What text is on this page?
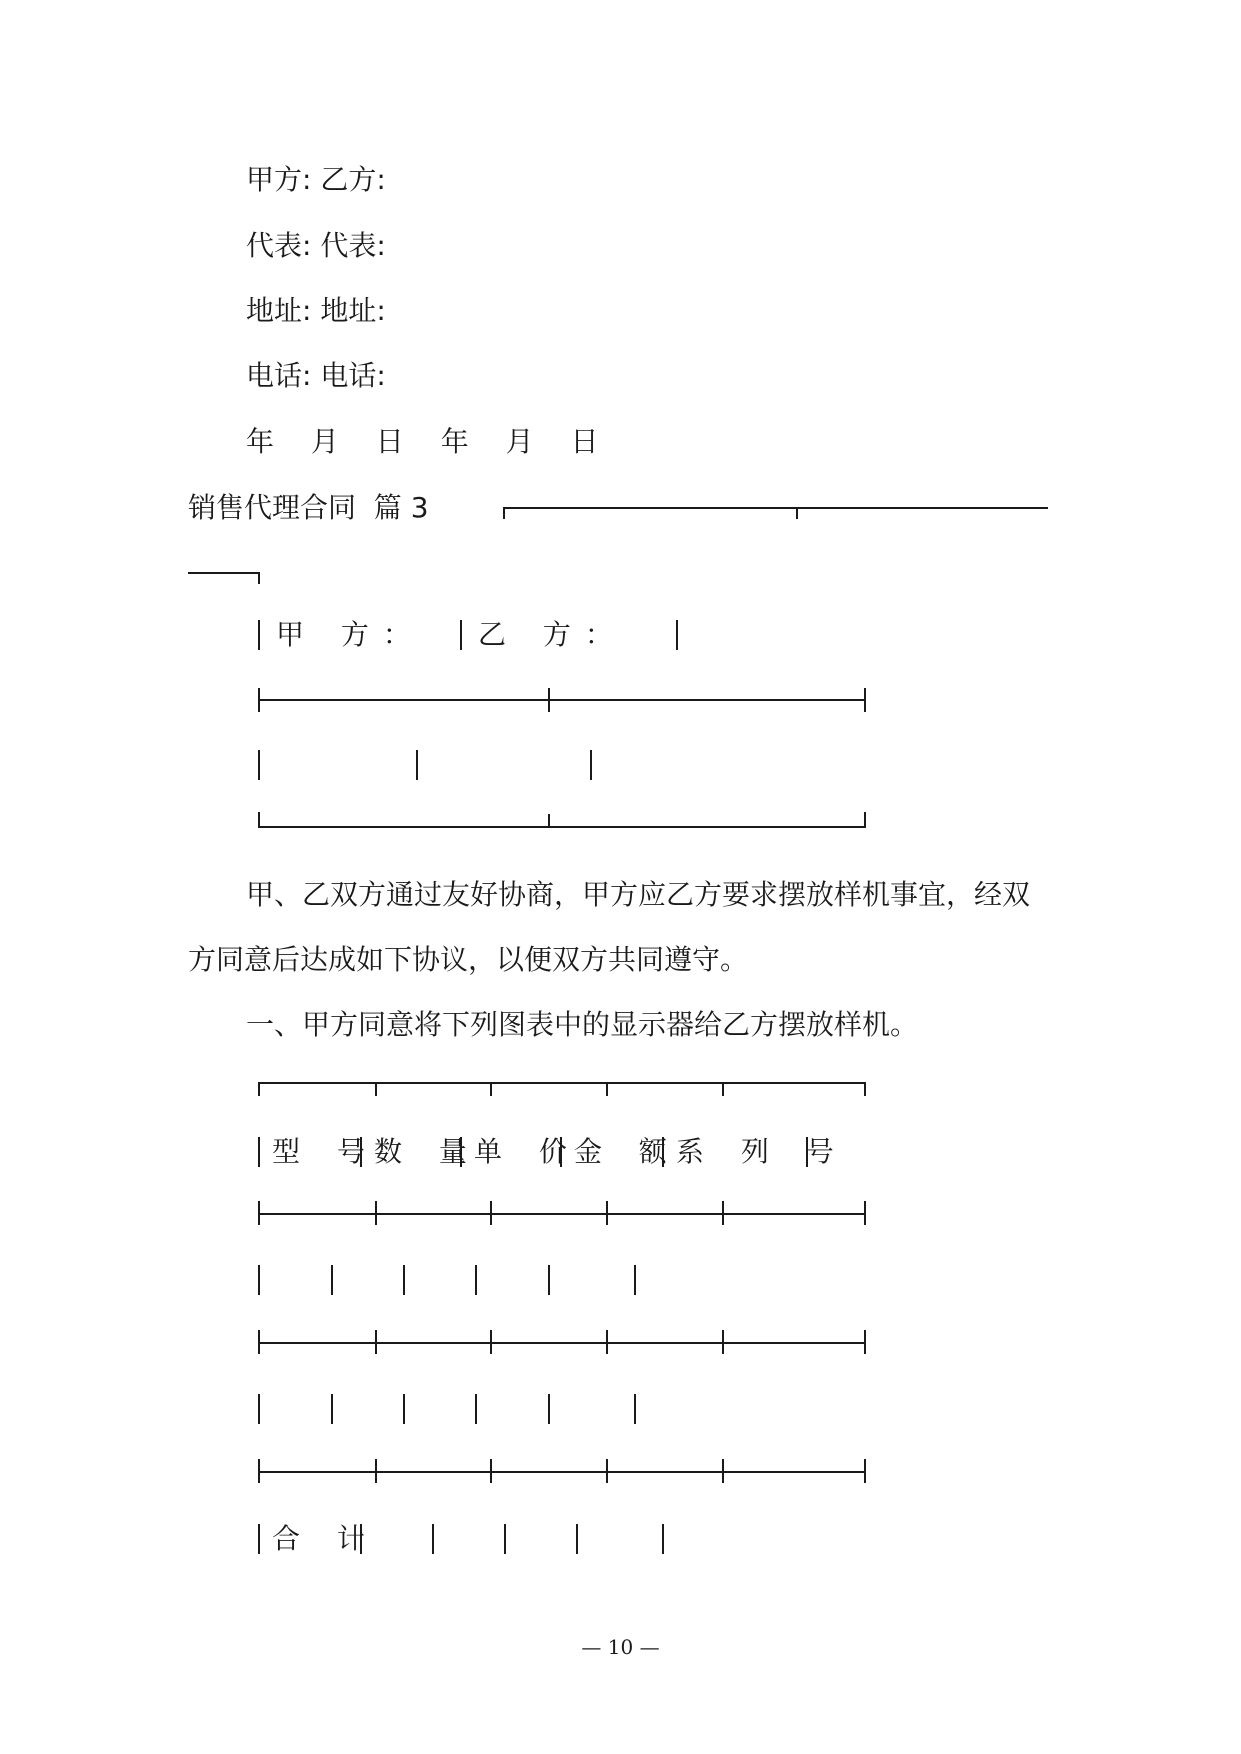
甲方: 乙方:

代表: 代表:

地址: 地址:

电话: 电话:

年 月 日 年 月 日

销售代理合同  篇 3

甲 方： 乙 方：

甲、乙双方通过友好协商，甲方应乙方要求摆放样机事宜，经双

方同意后达成如下协议，以便双方共同遵守。

一、甲方同意将下列图表中的显示器给乙方摆放样机。

型 号
数 量
单 价
金 额
系 列 号
合 计
— 10 —
